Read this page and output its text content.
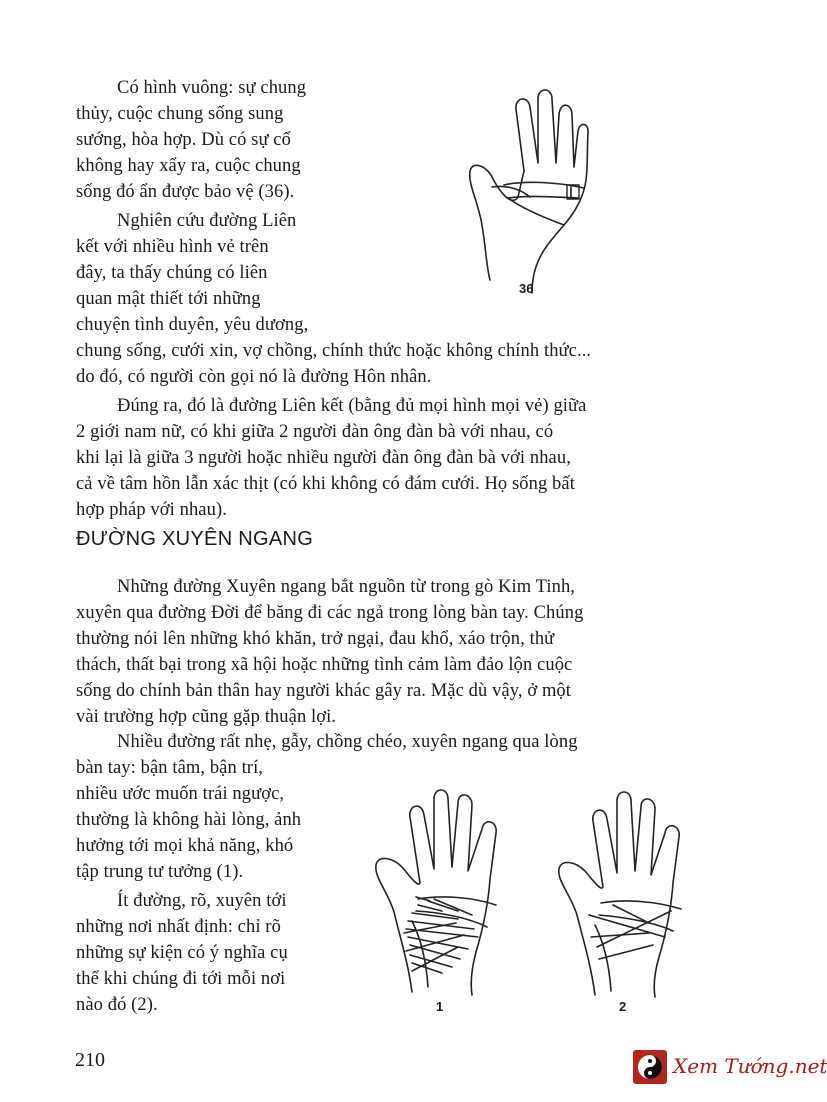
Có hình vuông: sự chung
thủy, cuộc chung sống sung
sướng, hòa hợp. Dù có sự cố
không hay xẩy ra, cuộc chung
sống đó ẩn được bảo vệ (36).
Nghiên cứu đường Liên
kết với nhiều hình vẻ trên
đây, ta thấy chúng có liên
quan mật thiết tới những
chuyện tình duyên, yêu dương,
chung sống, cưới xin, vợ chồng, chính thức hoặc không chính thức...
do đó, có người còn gọi nó là đường Hôn nhân.
Đúng ra, đó là đường Liên kết (bằng đủ mọi hình mọi vẻ) giữa
2 giới nam nữ, có khi giữa 2 người đàn ông đàn bà với nhau, có
khi lại là giữa 3 người hoặc nhiều người đàn ông đàn bà với nhau,
cả về tâm hồn lẫn xác thịt (có khi không có đám cưới. Họ sống bất
hợp pháp với nhau).
ĐƯỜNG XUYÊN NGANG
Những đường Xuyên ngang bắt nguồn từ trong gò Kim Tinh,
xuyên qua đường Đời để băng đi các ngả trong lòng bàn tay. Chúng
thường nói lên những khó khăn, trở ngại, đau khổ, xáo trộn, thử
thách, thất bại trong xã hội hoặc những tình cảm làm đảo lộn cuộc
sống do chính bản thân hay người khác gây ra. Mặc dù vậy, ở một
vài trường hợp cũng gặp thuận lợi.
Nhiều đường rất nhẹ, gẫy, chồng chéo, xuyên ngang qua lòng
bàn tay: bận tâm, bận trí,
nhiều ước muốn trái ngược,
thường là không hài lòng, ảnh
hưởng tới mọi khả năng, khó
tập trung tư tưởng (1).
Ít đường, rõ, xuyên tới
những nơi nhất định: chỉ rõ
những sự kiện có ý nghĩa cụ
thể khi chúng đi tới mỗi nơi
nào đó (2).
36
1	2
210	Xem Tướng.net
